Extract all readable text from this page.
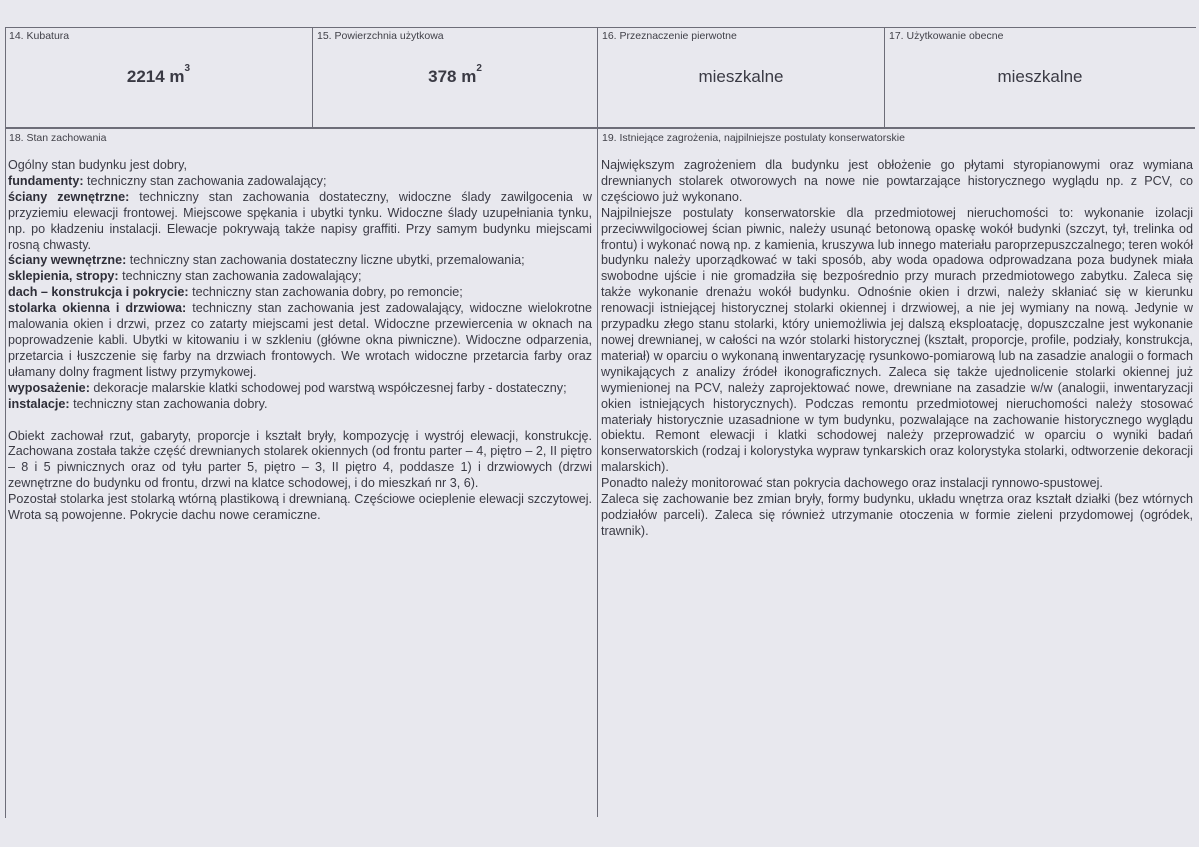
14. Kubatura
2214 $m^3$
15. Powierzchnia użytkowa
378 $m^2$
16. Przeznaczenie pierwotne
mieszkalne
17. Użytkowanie obecne
mieszkalne
18. Stan zachowania

Ogólny stan budynku jest dobry,

fundamenty: techniczny stan zachowania zadowalający;

ściany zewnętrzne: techniczny stan zachowania dostateczny, widoczne ślady zawilgocenia w przyziemiu elewacji frontowej. Miejscowe spękania i ubytki tynku. Widoczne ślady uzupełniania tynku, np. po kładzeniu instalacji. Elewacje pokrywają także napisy graffiti. Przy samym budynku miejscami rosną chwasty.

ściany wewnętrzne: techniczny stan zachowania dostateczny liczne ubytki, przemalowania;

sklepienia, stropy: techniczny stan zachowania zadowalający;

dach – konstrukcja i pokrycie: techniczny stan zachowania dobry, po remoncie;

stolarka okienna i drzwiowa: techniczny stan zachowania jest zadowalający, widoczne wielokrotne malowania okien i drzwi, przez co zatarty miejscami jest detal. Widoczne przewiercenia w oknach na poprowadzenie kabli. Ubytki w kitowaniu i w szkleniu (główne okna piwniczne). Widoczne odparzenia, przetarcia i łuszczenie się farby na drzwiach frontowych. We wrotach widoczne przetarcia farby oraz ułamany dolny fragment listwy przymykowej.

wyposażenie: dekoracje malarskie klatki schodowej pod warstwą współczesnej farby - dostateczny;

instalacje: techniczny stan zachowania dobry.

Obiekt zachował rzut, gabaryty, proporcje i kształt bryły, kompozycję i wystrój elewacji, konstrukcję. Zachowana została także część drewnianych stolarek okiennych (od frontu parter – 4, piętro – 2, II piętro – 8 i 5 piwnicznych oraz od tyłu parter 5, piętro – 3, II piętro 4, poddasze 1) i drzwiowych (drzwi zewnętrzne do budynku od frontu, drzwi na klatce schodowej, i do mieszkań nr 3, 6).

Pozostał stolarka jest stolarką wtórną plastikową i drewnianą. Częściowe ocieplenie elewacji szczytowej. Wrota są powojenne. Pokrycie dachu nowe ceramiczne.

19. Istniejące zagrożenia, najpilniejsze postulaty konserwatorskie

Największym zagrożeniem dla budynku jest obłożenie go płytami styropianowymi oraz wymiana drewnianych stolarek otworowych na nowe nie powtarzające historycznego wyglądu np. z PCV, co częściowo już wykonano.

Najpilniejsze postulaty konserwatorskie dla przedmiotowej nieruchomości to: wykonanie izolacji przeciwwilgociowej ścian piwnic, należy usunąć betonową opaskę wokół budynki (szczyt, tył, trelinka od frontu) i wykonać nową np. z kamienia, kruszywa lub innego materiału paroprzepuszczalnego; teren wokół budynku należy uporządkować w taki sposób, aby woda opadowa odprowadzana poza budynek miała swobodne ujście i nie gromadziła się bezpośrednio przy murach przedmiotowego zabytku. Zaleca się także wykonanie drenażu wokół budynku. Odnośnie okien i drzwi, należy skłaniać się w kierunku renowacji istniejącej historycznej stolarki okiennej i drzwiowej, a nie jej wymiany na nową. Jedynie w przypadku złego stanu stolarki, który uniemożliwia jej dalszą eksploatację, dopuszczalne jest wykonanie nowej drewnianej, w całości na wzór stolarki historycznej (kształt, proporcje, profile, podziały, konstrukcja, materiał) w oparciu o wykonaną inwentaryzację rysunkowo-pomiarową lub na zasadzie analogii o formach wynikających z analizy źródeł ikonograficznych. Zaleca się także ujednolicenie stolarki okiennej już wymienionej na PCV, należy zaprojektować nowe, drewniane na zasadzie w/w (analogii, inwentaryzacji okien istniejących historycznych). Podczas remontu przedmiotowej nieruchomości należy stosować materiały historycznie uzasadnione w tym budynku, pozwalające na zachowanie historycznego wyglądu obiektu. Remont elewacji i klatki schodowej należy przeprowadzić w oparciu o wyniki badań konserwatorskich (rodzaj i kolorystyka wypraw tynkarskich oraz kolorystyka stolarki, odtworzenie dekoracji malarskich).

Ponadto należy monitorować stan pokrycia dachowego oraz instalacji rynnowo-spustowej.

Zaleca się zachowanie bez zmian bryły, formy budynku, układu wnętrza oraz kształt działki (bez wtórnych podziałów parceli). Zaleca się również utrzymanie otoczenia w formie zieleni przydomowej (ogródek, trawnik).
